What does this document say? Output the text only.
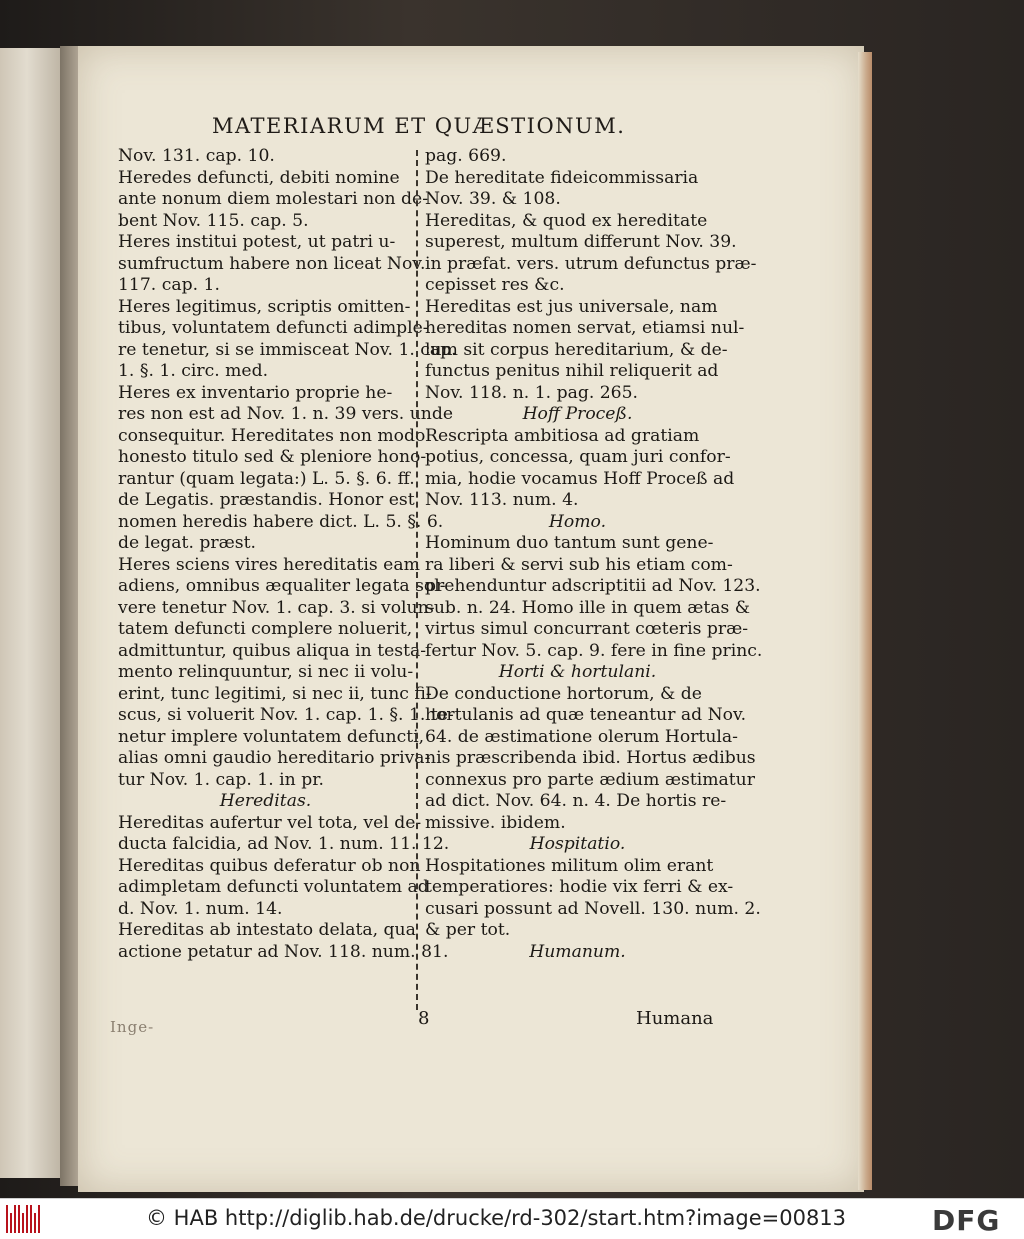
MATERIARUM ET QUÆSTIONUM.
Nov. 131. cap. 10.
Heredes defuncti, debiti nomine
ante nonum diem molestari non de-
bent Nov. 115. cap. 5.
Heres institui potest, ut patri u-
sumfructum habere non liceat Nov.
117. cap. 1.
Heres legitimus, scriptis omitten-
tibus, voluntatem defuncti adimple-
re tenetur, si se immisceat Nov. 1. cap.
1. §. 1. circ. med.
Heres ex inventario proprie he-
res non est ad Nov. 1. n. 39 vers. unde
consequitur. Hereditates non modo
honesto titulo sed & pleniore hono-
rantur (quam legata:) L. 5. §. 6. ff.
de Legatis. præstandis. Honor est
nomen heredis habere dict. L. 5. §. 6.
de legat. præst.
Heres sciens vires hereditatis eam
adiens, omnibus æqualiter legata sol-
vere tenetur Nov. 1. cap. 3. si volun-
tatem defuncti complere noluerit,
admittuntur, quibus aliqua in testa-
mento relinquuntur, si nec ii volu-
erint, tunc legitimi, si nec ii, tunc fi-
scus, si voluerit Nov. 1. cap. 1. §. 1. te-
netur implere voluntatem defuncti,
alias omni gaudio hereditario priva-
tur Nov. 1. cap. 1. in pr.
Hereditas.
Hereditas aufertur vel tota, vel de-
ducta falcidia, ad Nov. 1. num. 11. 12.
Hereditas quibus deferatur ob non
adimpletam defuncti voluntatem ad
d. Nov. 1. num. 14.
Hereditas ab intestato delata, qua
actione petatur ad Nov. 118. num. 81.
pag. 669.
De hereditate fideicommissaria
Nov. 39. & 108.
Hereditas, & quod ex hereditate
superest, multum differunt Nov. 39.
in præfat. vers. utrum defunctus præ-
cepisset res &c.
Hereditas est jus universale, nam
hereditas nomen servat, etiamsi nul-
lum sit corpus hereditarium, & de-
functus penitus nihil reliquerit ad
Nov. 118. n. 1. pag. 265.
Hoff Proceß.
Rescripta ambitiosa ad gratiam
potius, concessa, quam juri confor-
mia, hodie vocamus Hoff Proceß ad
Nov. 113. num. 4.
Homo.
Hominum duo tantum sunt gene-
ra liberi & servi sub his etiam com-
prehenduntur adscriptitii ad Nov. 123.
sub. n. 24. Homo ille in quem ætas &
virtus simul concurrant cœteris præ-
fertur Nov. 5. cap. 9. fere in fine princ.
Horti & hortulani.
De conductione hortorum, & de
hortulanis ad quæ teneantur ad Nov.
64. de æstimatione olerum Hortula-
nis præscribenda ibid. Hortus ædibus
connexus pro parte ædium æstimatur
ad dict. Nov. 64. n. 4. De hortis re-
missive. ibidem.
Hospitatio.
Hospitationes militum olim erant
temperatiores: hodie vix ferri & ex-
cusari possunt ad Novell. 130. num. 2.
& per tot.
Humanum.
Inge-	8	Humana
© HAB http://diglib.hab.de/drucke/rd-302/start.htm?image=00813	DFG
